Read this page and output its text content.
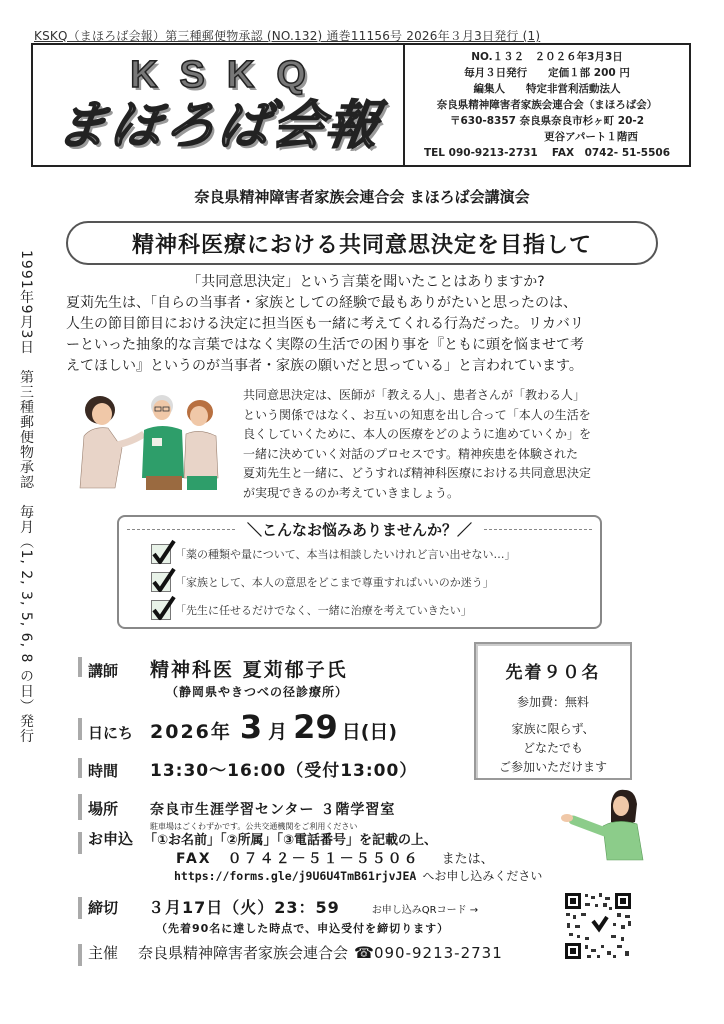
KSKQ（まほろば会報）第三種郵便物承認 (NO.132) 通巻11156号 2026年３月3日発行 (1)
KSKQ
まほろば会報
NO.１３２　２０２６年3月3日
毎月３日発行　　定価１部 200 円
編集人　　特定非営利活動法人
奈良県精神障害者家族会連合会（まほろば会）
〒630-8357 奈良県奈良市杉ヶ町 20-2
更谷アパート１階西
TEL 090-9213-2731　 FAX　0742- 51-5506
1991年9月3日　第三種郵便物承認　毎月（1, 2, 3, 5, 6, 8 の日）発行
奈良県精神障害者家族会連合会 まほろば会講演会
精神科医療における共同意思決定を目指して
「共同意思決定」という言葉を聞いたことはありますか?
夏苅先生は、「自らの当事者・家族としての経験で最もありがたいと思ったのは、
人生の節目節目における決定に担当医も一緒に考えてくれる行為だった。リカバリ
ーといった抽象的な言葉ではなく実際の生活での困り事を『ともに頭を悩ませて考
えてほしい』というのが当事者・家族の願いだと思っている」と言われています。
共同意思決定は、医師が「教える人」、患者さんが「教わる人」
という関係ではなく、お互いの知恵を出し合って「本人の生活を
良くしていくために、本人の医療をどのように進めていくか」を
一緒に決めていく対話のプロセスです。精神疾患を体験された
夏苅先生と一緒に、どうすれば精神科医療における共同意思決定
が実現できるのか考えていきましょう。
＼こんなお悩みありませんか？／
「薬の種類や量について、本当は相談したいけれど言い出せない…」
「家族として、本人の意思をどこまで尊重すればいいのか迷う」
「先生に任せるだけでなく、一緒に治療を考えていきたい」
講師	精神科医 夏苅郁子氏
（静岡県やきつべの径診療所）
日にち 2026年 3 月 29 日(日)
時間	13:30～16:00（受付13:00）
場所	奈良市生涯学習センター ３階学習室
駐車場はごくわずかです。公共交通機関をご利用ください
お申込 「①お名前」「②所属」「③電話番号」を記載の上、
FAX　０７４２－５１－５５０６ または、
https://forms.gle/j9U6U4TmB61rjvJEA へお申し込みください
締切	３月17日（火）23：59	お申し込みQRコード →
（先着90名に達した時点で、申込受付を締切ります）
主催	奈良県精神障害者家族会連合会 ☎ 090-9213-2731
先着９０名
参加費：無料
家族に限らず、
どなたでも
ご参加いただけます
